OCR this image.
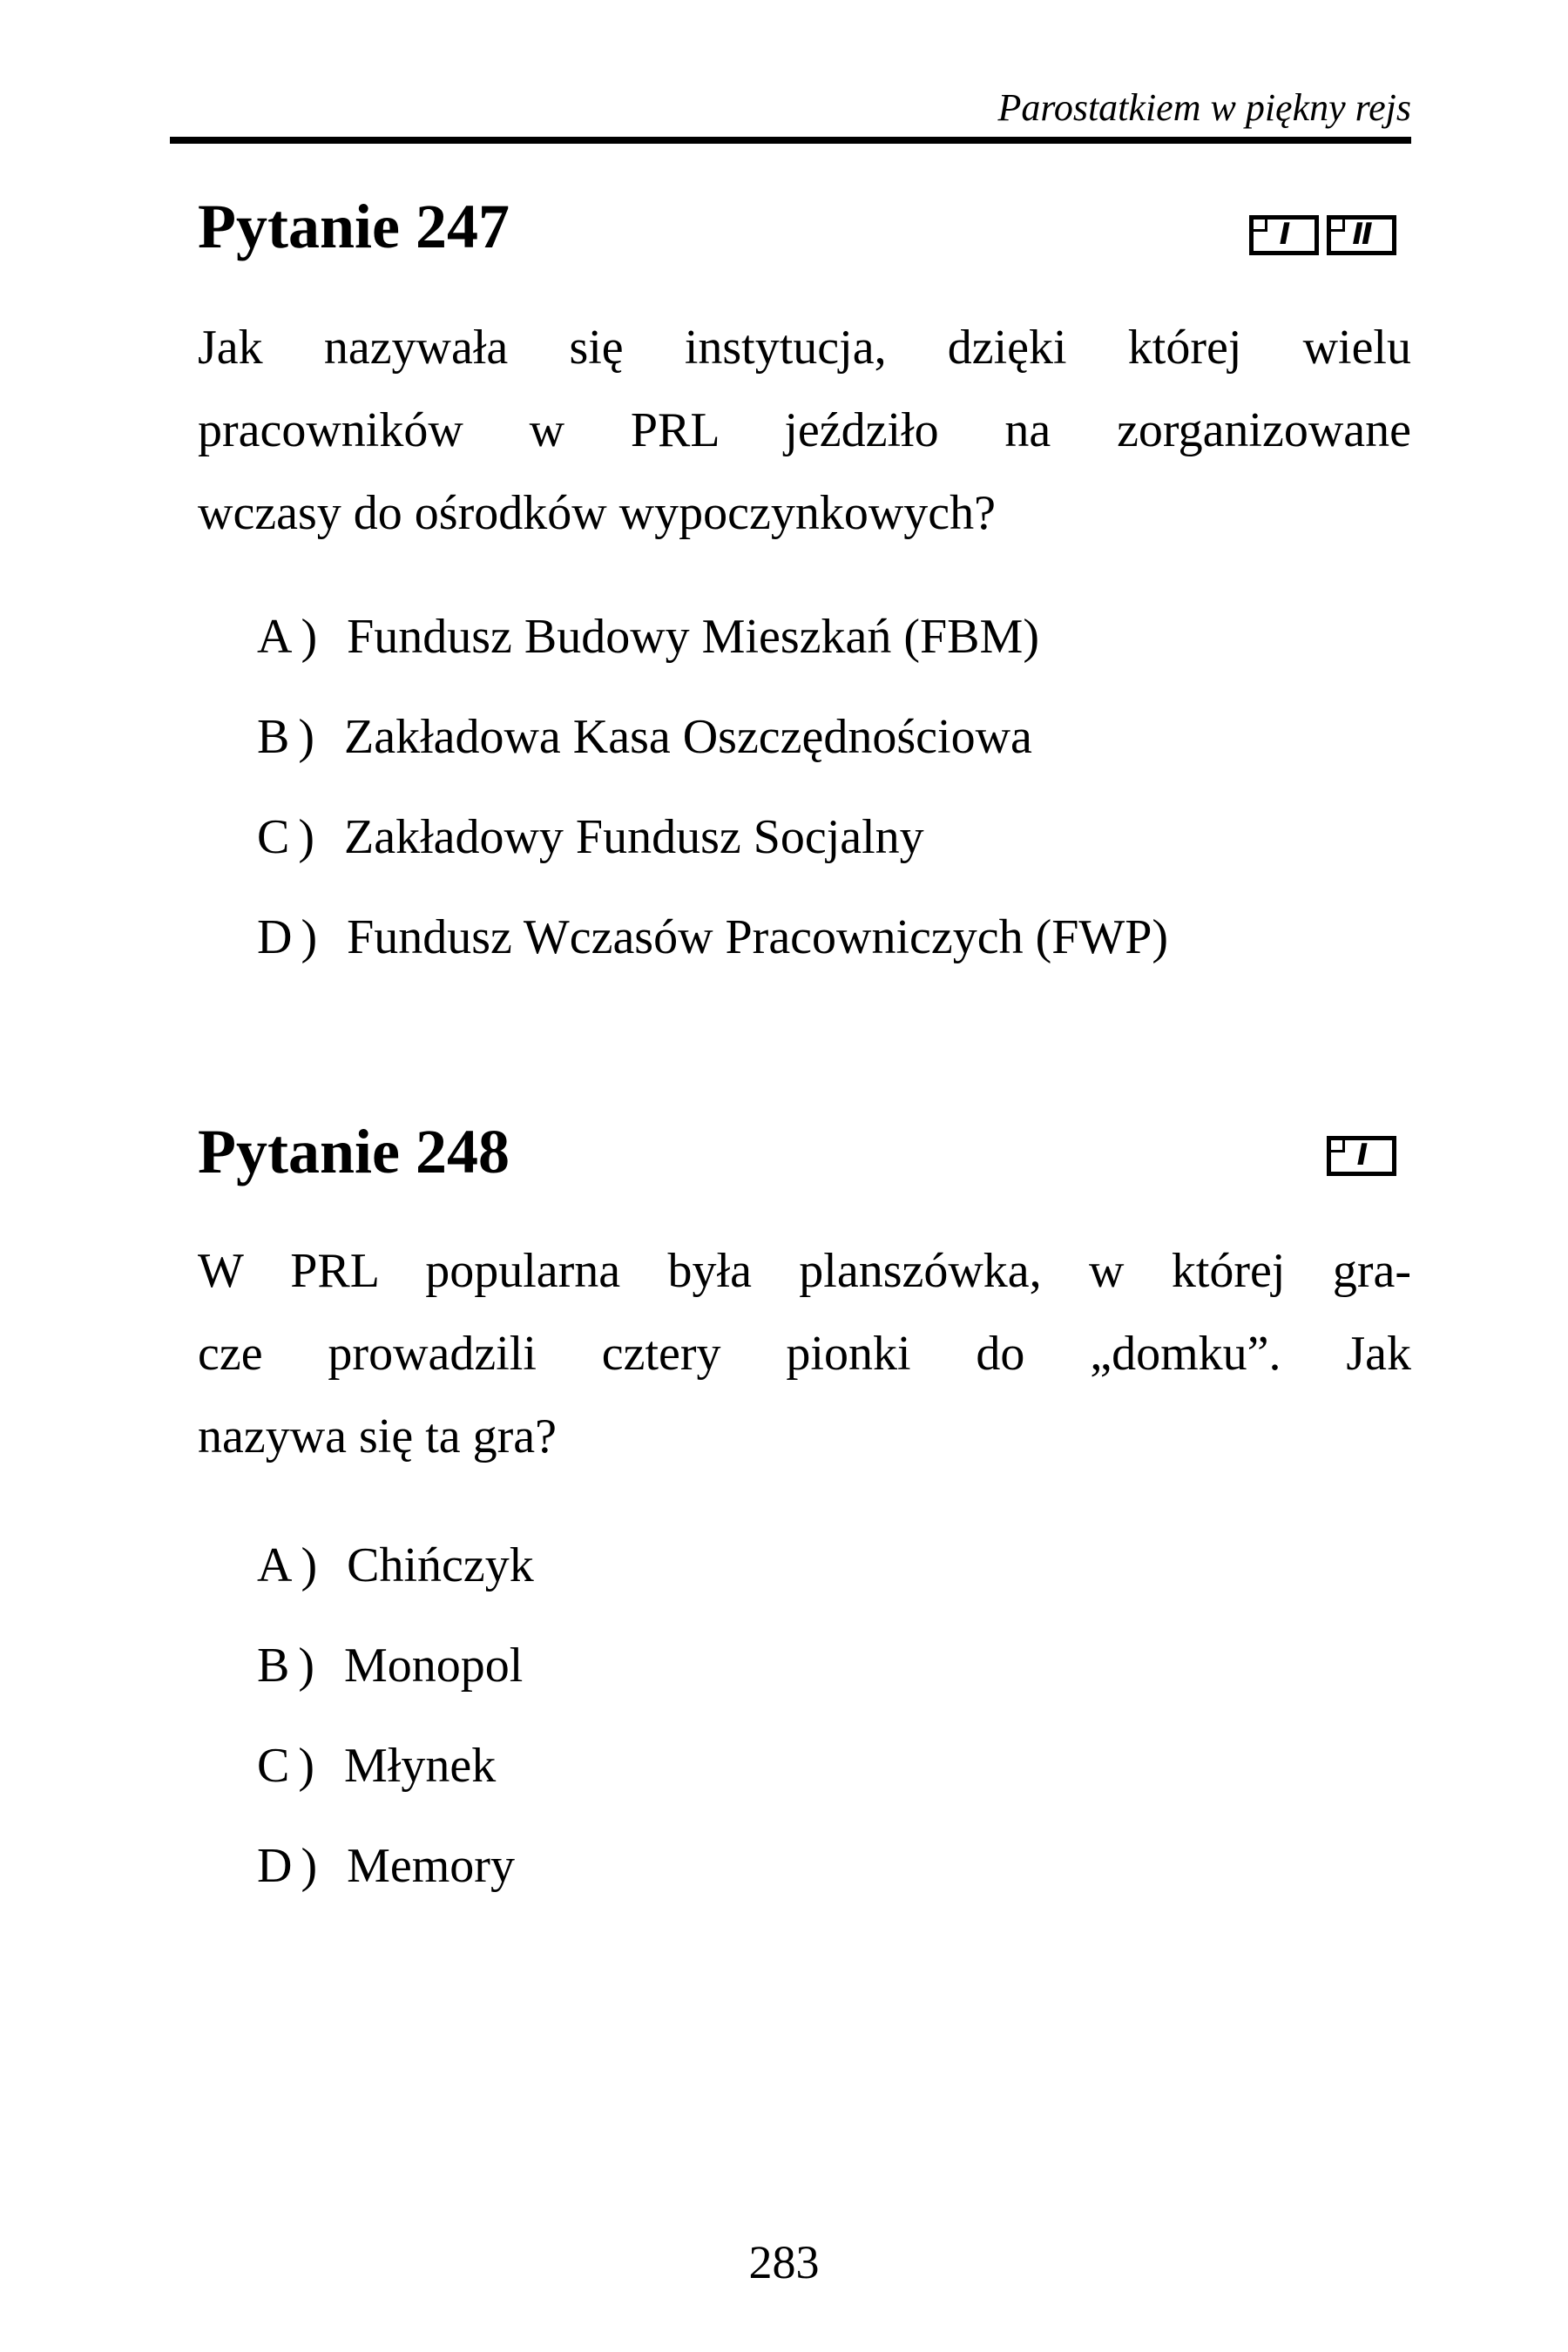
Parostatkiem w piękny rejs
Pytanie 247	I II
Jak nazywała się instytucja, dzięki której wielu
pracowników w PRL jeździło na zorganizowane
wczasy do ośrodków wypoczynkowych?
A) Fundusz Budowy Mieszkań (FBM)
B) Zakładowa Kasa Oszczędnościowa
C) Zakładowy Fundusz Socjalny
D) Fundusz Wczasów Pracowniczych (FWP)
Pytanie 248	I
W PRL popularna była planszówka, w której gra-
cze prowadzili cztery pionki do „domku”. Jak
nazywa się ta gra?
A) Chińczyk
B) Monopol
C) Młynek
D) Memory
283
